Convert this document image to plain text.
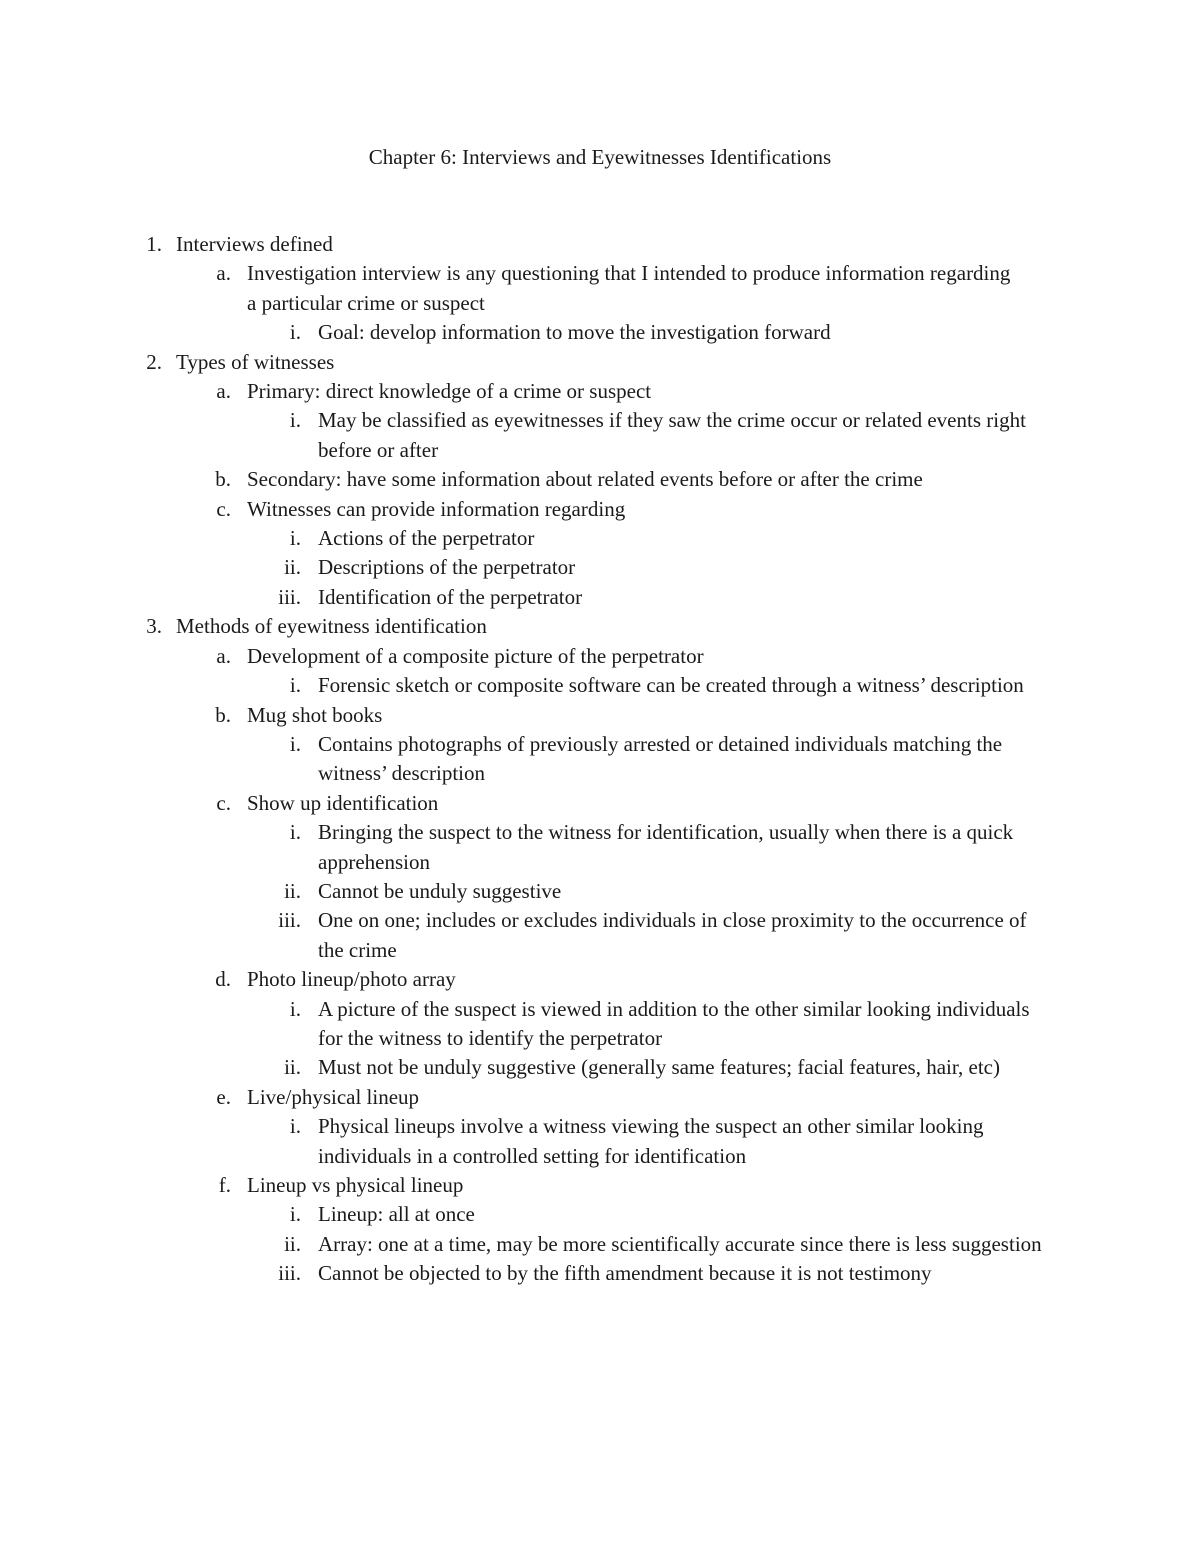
Chapter 6: Interviews and Eyewitnesses Identifications
1. Interviews defined
a. Investigation interview is any questioning that I intended to produce information regarding a particular crime or suspect
i. Goal: develop information to move the investigation forward
2. Types of witnesses
a. Primary: direct knowledge of a crime or suspect
i. May be classified as eyewitnesses if they saw the crime occur or related events right before or after
b. Secondary: have some information about related events before or after the crime
c. Witnesses can provide information regarding
i. Actions of the perpetrator
ii. Descriptions of the perpetrator
iii. Identification of the perpetrator
3. Methods of eyewitness identification
a. Development of a composite picture of the perpetrator
i. Forensic sketch or composite software can be created through a witness’ description
b. Mug shot books
i. Contains photographs of previously arrested or detained individuals matching the witness’ description
c. Show up identification
i. Bringing the suspect to the witness for identification, usually when there is a quick apprehension
ii. Cannot be unduly suggestive
iii. One on one; includes or excludes individuals in close proximity to the occurrence of the crime
d. Photo lineup/photo array
i. A picture of the suspect is viewed in addition to the other similar looking individuals for the witness to identify the perpetrator
ii. Must not be unduly suggestive (generally same features; facial features, hair, etc)
e. Live/physical lineup
i. Physical lineups involve a witness viewing the suspect an other similar looking individuals in a controlled setting for identification
f. Lineup vs physical lineup
i. Lineup: all at once
ii. Array: one at a time, may be more scientifically accurate since there is less suggestion
iii. Cannot be objected to by the fifth amendment because it is not testimony
